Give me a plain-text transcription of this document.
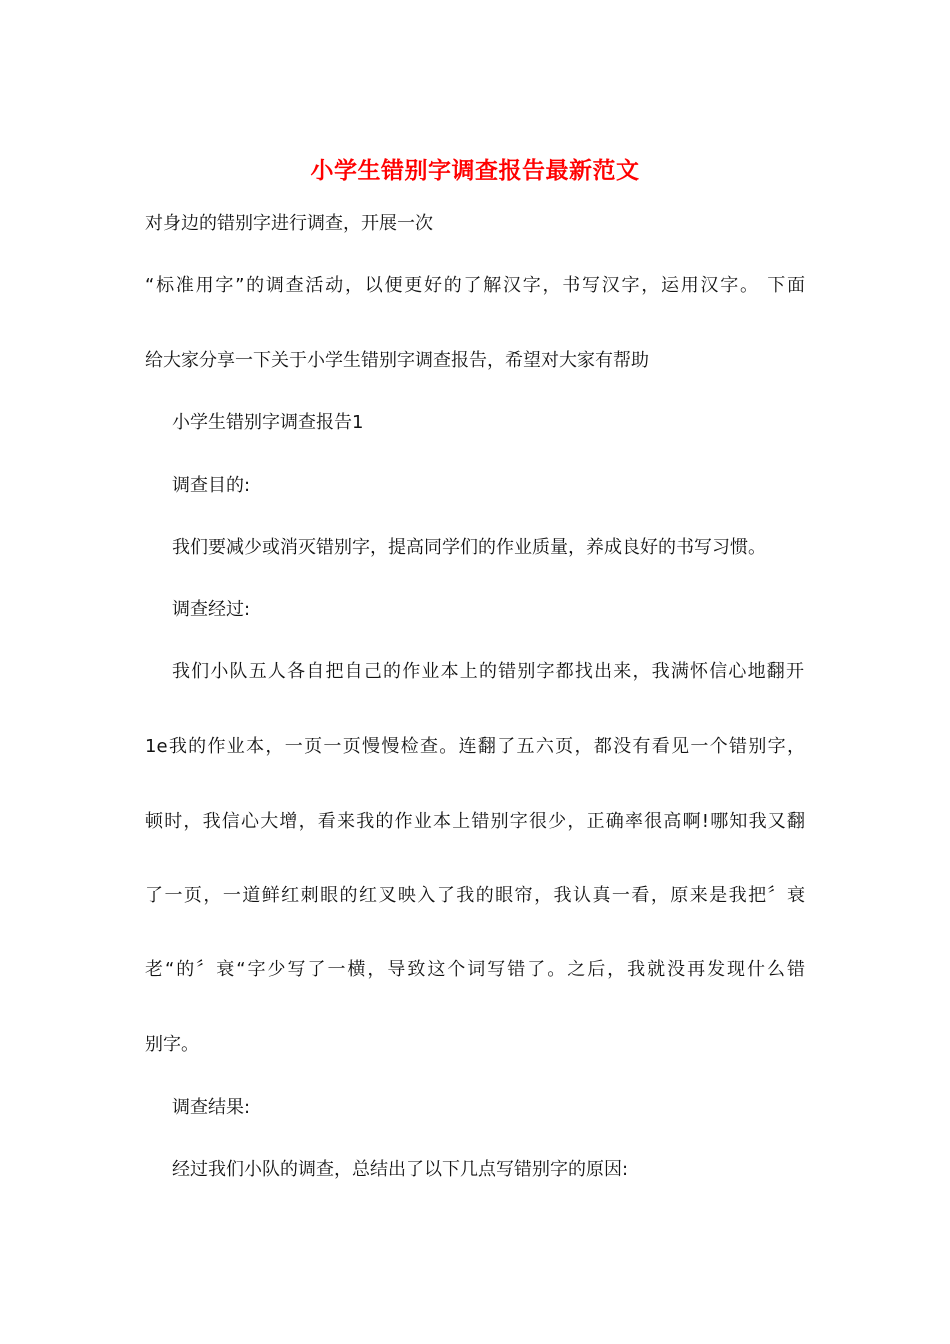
小学生错别字调查报告最新范文
对身边的错别字进行调查，开展一次
“标准用字”的调查活动，以便更好的了解汉字，书写汉字，运用汉字。 下面
给大家分享一下关于小学生错别字调查报告，希望对大家有帮助
小学生错别字调查报告1
调查目的:
我们要减少或消灭错别字，提高同学们的作业质量，养成良好的书写习惯。
调查经过:
我们小队五人各自把自己的作业本上的错别字都找出来，我满怀信心地翻开
1e我的作业本，一页一页慢慢检查。连翻了五六页，都没有看见一个错别字，
顿时，我信心大增，看来我的作业本上错别字很少，正确率很高啊!哪知我又翻
了一页，一道鲜红刺眼的红叉映入了我的眼帘，我认真一看，原来是我把〞衰
老“的〞衰“字少写了一横，导致这个词写错了。之后，我就没再发现什么错
别字。
调查结果:
经过我们小队的调查，总结出了以下几点写错别字的原因:
